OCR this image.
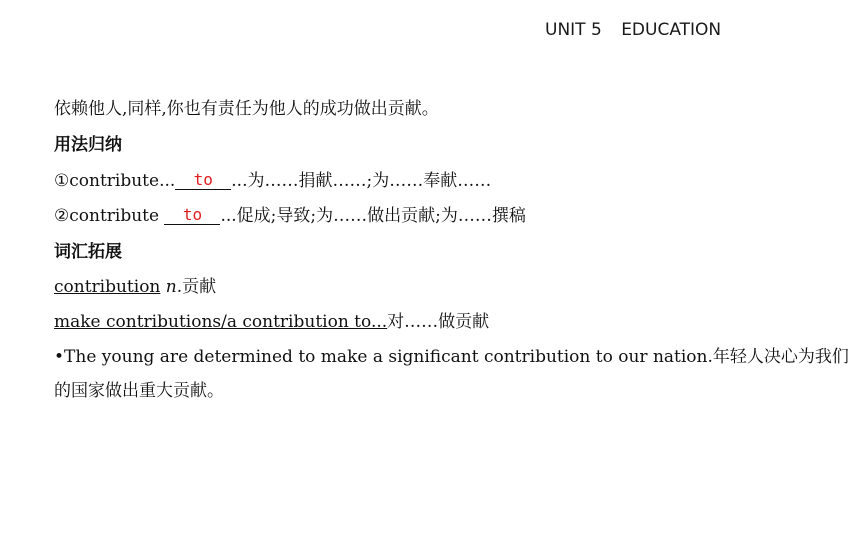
UNIT 5 EDUCATION
依赖他人,同样,你也有责任为他人的成功做出贡献。
用法归纳
①contribute... to ...为……捐献……;为……奉献……
②contribute to ...促成;导致;为……做出贡献;为……撰稿
词汇拓展
contribution n.贡献
make contributions/a contribution to...对……做贡献
•The young are determined to make a significant contribution to our nation.年轻人决心为我们
的国家做出重大贡献。
